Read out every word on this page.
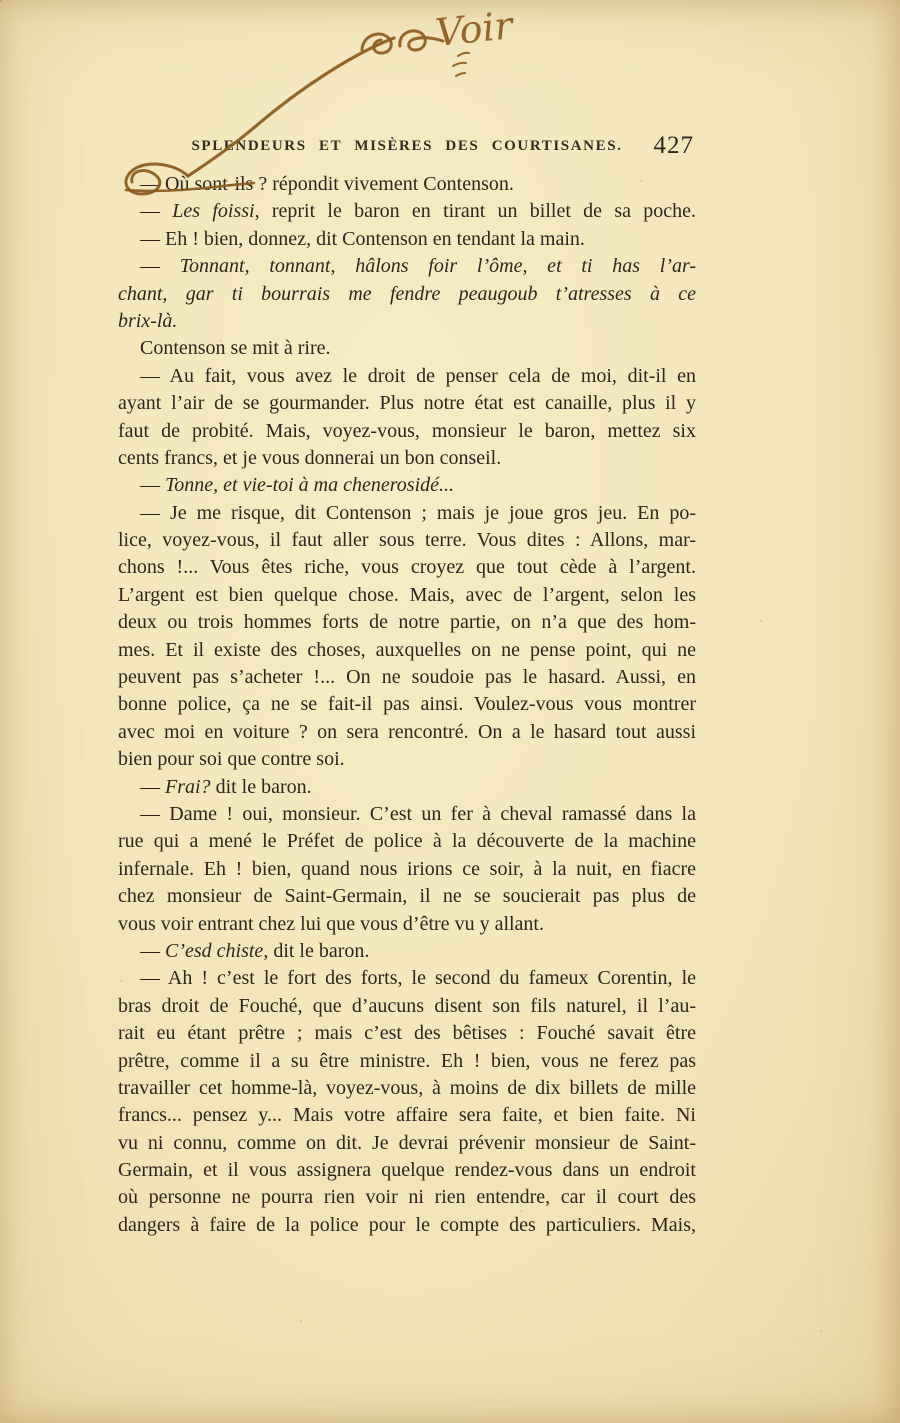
SPLENDEURS ET MISÈRES DES COURTISANES.	427
— Où sont-ils ? répondit vivement Contenson.
— Les foissi, reprit le baron en tirant un billet de sa poche.
— Eh ! bien, donnez, dit Contenson en tendant la main.
— Tonnant, tonnant, hâlons foir l’ôme, et ti has l’ar-
chant, gar ti bourrais me fendre peaugoub t’atresses à ce
brix-là.
Contenson se mit à rire.
— Au fait, vous avez le droit de penser cela de moi, dit-il en
ayant l’air de se gourmander. Plus notre état est canaille, plus il y
faut de probité. Mais, voyez-vous, monsieur le baron, mettez six
cents francs, et je vous donnerai un bon conseil.
— Tonne, et vie-toi à ma chenerosidé...
— Je me risque, dit Contenson ; mais je joue gros jeu. En po-
lice, voyez-vous, il faut aller sous terre. Vous dites : Allons, mar-
chons !... Vous êtes riche, vous croyez que tout cède à l’argent.
L’argent est bien quelque chose. Mais, avec de l’argent, selon les
deux ou trois hommes forts de notre partie, on n’a que des hom-
mes. Et il existe des choses, auxquelles on ne pense point, qui ne
peuvent pas s’acheter !... On ne soudoie pas le hasard. Aussi, en
bonne police, ça ne se fait-il pas ainsi. Voulez-vous vous montrer
avec moi en voiture ? on sera rencontré. On a le hasard tout aussi
bien pour soi que contre soi.
— Frai? dit le baron.
— Dame ! oui, monsieur. C’est un fer à cheval ramassé dans la
rue qui a mené le Préfet de police à la découverte de la machine
infernale. Eh ! bien, quand nous irions ce soir, à la nuit, en fiacre
chez monsieur de Saint-Germain, il ne se soucierait pas plus de
vous voir entrant chez lui que vous d’être vu y allant.
— C’esd chiste, dit le baron.
— Ah ! c’est le fort des forts, le second du fameux Corentin, le
bras droit de Fouché, que d’aucuns disent son fils naturel, il l’au-
rait eu étant prêtre ; mais c’est des bêtises : Fouché savait être
prêtre, comme il a su être ministre. Eh ! bien, vous ne ferez pas
travailler cet homme-là, voyez-vous, à moins de dix billets de mille
francs... pensez y... Mais votre affaire sera faite, et bien faite. Ni
vu ni connu, comme on dit. Je devrai prévenir monsieur de Saint-
Germain, et il vous assignera quelque rendez-vous dans un endroit
où personne ne pourra rien voir ni rien entendre, car il court des
dangers à faire de la police pour le compte des particuliers. Mais,
Voir
